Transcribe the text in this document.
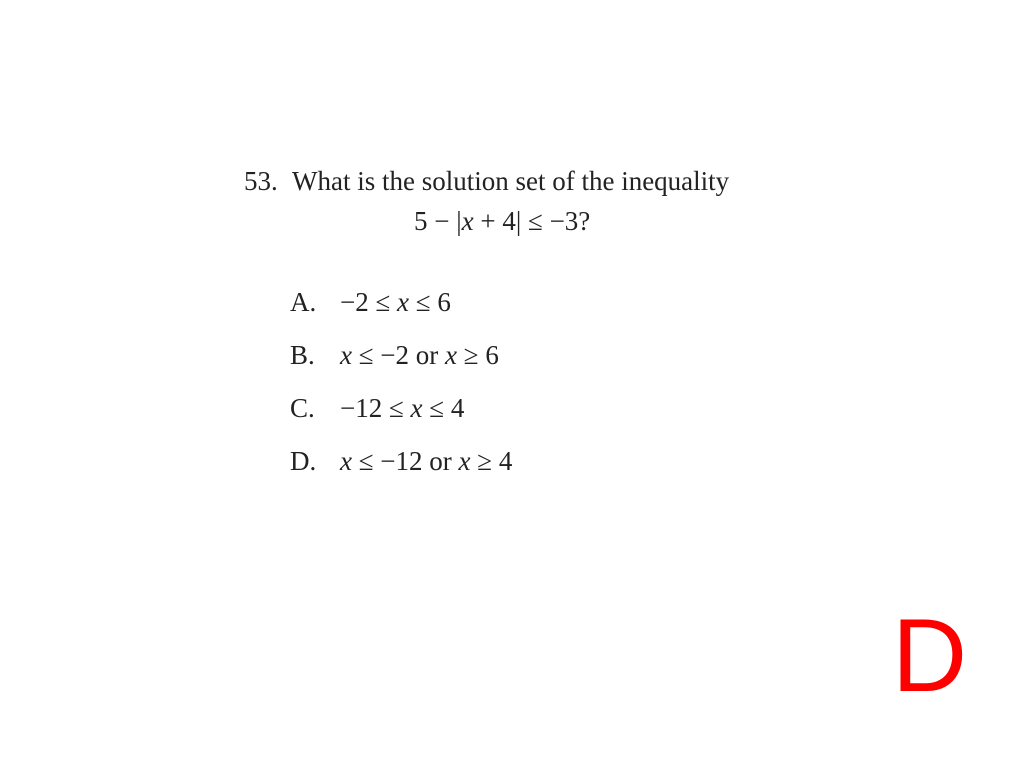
53. What is the solution set of the inequality
5 − |x + 4| ≤ −3?
A. −2 ≤ x ≤ 6
B. x ≤ −2 or x ≥ 6
C. −12 ≤ x ≤ 4
D. x ≤ −12 or x ≥ 4
D
